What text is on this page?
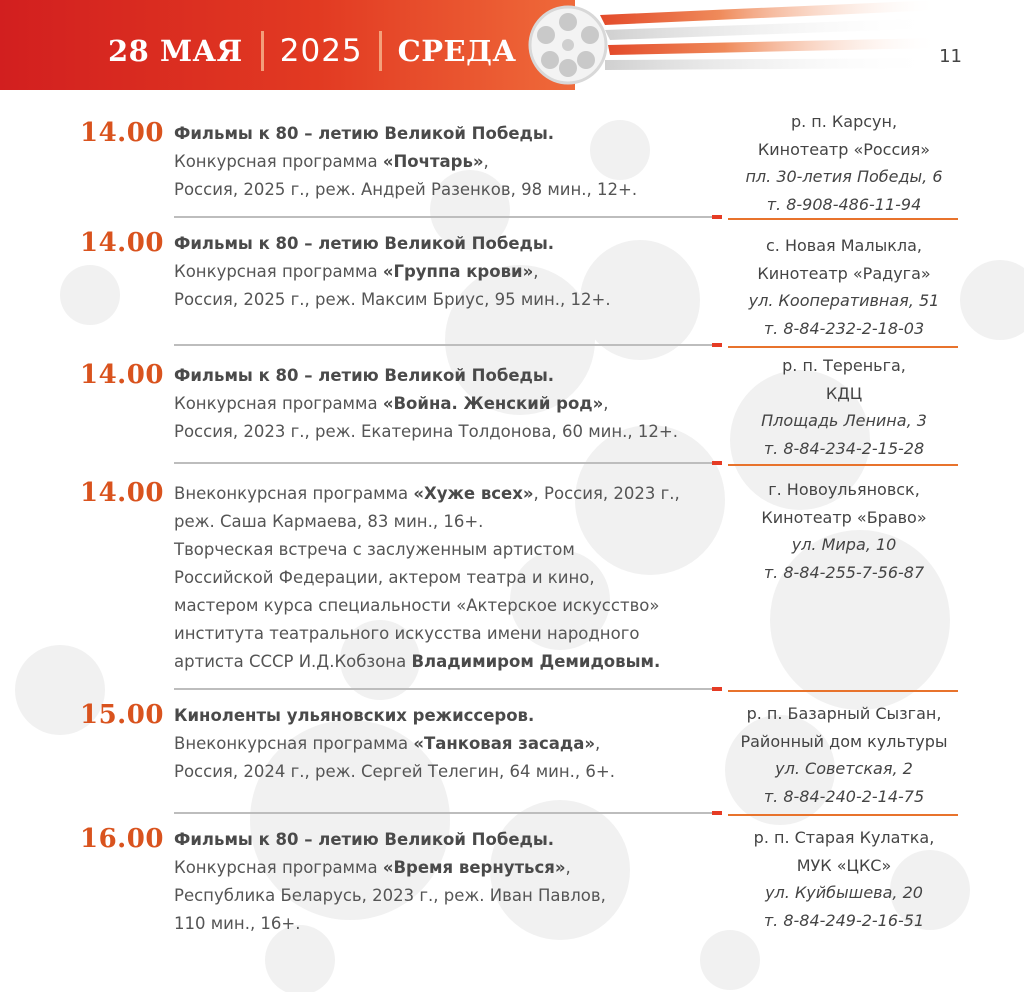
28 МАЯ	2025	СРЕДА	11
14.00 Фильмы к 80 – летию Великой Победы.
Конкурсная программа «Почтарь»,
Россия, 2025 г., реж. Андрей Разенков, 98 мин., 12+.
р. п. Карсун,
Кинотеатр «Россия»
пл. 30-летия Победы, 6
т. 8-908-486-11-94
14.00 Фильмы к 80 – летию Великой Победы.
Конкурсная программа «Группа крови»,
Россия, 2025 г., реж. Максим Бриус, 95 мин., 12+.
с. Новая Малыкла,
Кинотеатр «Радуга»
ул. Кооперативная, 51
т. 8-84-232-2-18-03
14.00 Фильмы к 80 – летию Великой Победы.
Конкурсная программа «Война. Женский род»,
Россия, 2023 г., реж. Екатерина Толдонова, 60 мин., 12+.
р. п. Тереньга,
КДЦ
Площадь Ленина, 3
т. 8-84-234-2-15-28
14.00 Внеконкурсная программа «Хуже всех», Россия, 2023 г.,
реж. Саша Кармаева, 83 мин., 16+.
Творческая встреча с заслуженным артистом
Российской Федерации, актером театра и кино,
мастером курса специальности «Актерское искусство»
института театрального искусства имени народного
артиста СССР И.Д.Кобзона Владимиром Демидовым.
г. Новоульяновск,
Кинотеатр «Браво»
ул. Мира, 10
т. 8-84-255-7-56-87
15.00 Киноленты ульяновских режиссеров.
Внеконкурсная программа «Танковая засада»,
Россия, 2024 г., реж. Сергей Телегин, 64 мин., 6+.
р. п. Базарный Сызган,
Районный дом культуры
ул. Советская, 2
т. 8-84-240-2-14-75
16.00 Фильмы к 80 – летию Великой Победы.
Конкурсная программа «Время вернуться»,
Республика Беларусь, 2023 г., реж. Иван Павлов,
110 мин., 16+.
р. п. Старая Кулатка,
МУК «ЦКС»
ул. Куйбышева, 20
т. 8-84-249-2-16-51
